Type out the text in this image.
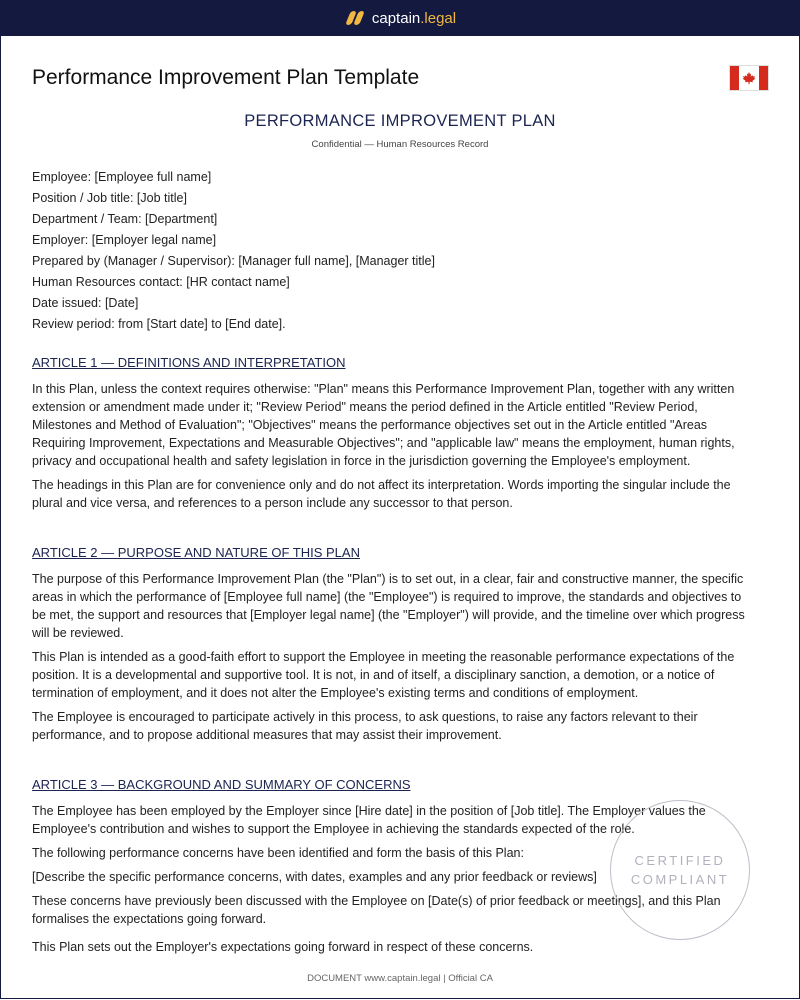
captain.legal
Performance Improvement Plan Template
PERFORMANCE IMPROVEMENT PLAN
Confidential — Human Resources Record
Employee: [Employee full name]
Position / Job title: [Job title]
Department / Team: [Department]
Employer: [Employer legal name]
Prepared by (Manager / Supervisor): [Manager full name], [Manager title]
Human Resources contact: [HR contact name]
Date issued: [Date]
Review period: from [Start date] to [End date].
ARTICLE 1 — DEFINITIONS AND INTERPRETATION

In this Plan, unless the context requires otherwise: "Plan" means this Performance Improvement Plan, together with any written extension or amendment made under it; "Review Period" means the period defined in the Article entitled "Review Period, Milestones and Method of Evaluation"; "Objectives" means the performance objectives set out in the Article entitled "Areas Requiring Improvement, Expectations and Measurable Objectives"; and "applicable law" means the employment, human rights, privacy and occupational health and safety legislation in force in the jurisdiction governing the Employee's employment.

The headings in this Plan are for convenience only and do not affect its interpretation. Words importing the singular include the plural and vice versa, and references to a person include any successor to that person.

ARTICLE 2 — PURPOSE AND NATURE OF THIS PLAN

The purpose of this Performance Improvement Plan (the "Plan") is to set out, in a clear, fair and constructive manner, the specific areas in which the performance of [Employee full name] (the "Employee") is required to improve, the standards and objectives to be met, the support and resources that [Employer legal name] (the "Employer") will provide, and the timeline over which progress will be reviewed.

This Plan is intended as a good-faith effort to support the Employee in meeting the reasonable performance expectations of the position. It is a developmental and supportive tool. It is not, in and of itself, a disciplinary sanction, a demotion, or a notice of termination of employment, and it does not alter the Employee's existing terms and conditions of employment.

The Employee is encouraged to participate actively in this process, to ask questions, to raise any factors relevant to their performance, and to propose additional measures that may assist their improvement.

ARTICLE 3 — BACKGROUND AND SUMMARY OF CONCERNS

The Employee has been employed by the Employer since [Hire date] in the position of [Job title]. The Employer values the Employee's contribution and wishes to support the Employee in achieving the standards expected of the role.

The following performance concerns have been identified and form the basis of this Plan:

[Describe the specific performance concerns, with dates, examples and any prior feedback or reviews]

These concerns have previously been discussed with the Employee on [Date(s) of prior feedback or meetings], and this Plan formalises the expectations going forward.

This Plan sets out the Employer's expectations going forward in respect of these concerns.

CERTIFIED
COMPLIANT
DOCUMENT www.captain.legal | Official CA
